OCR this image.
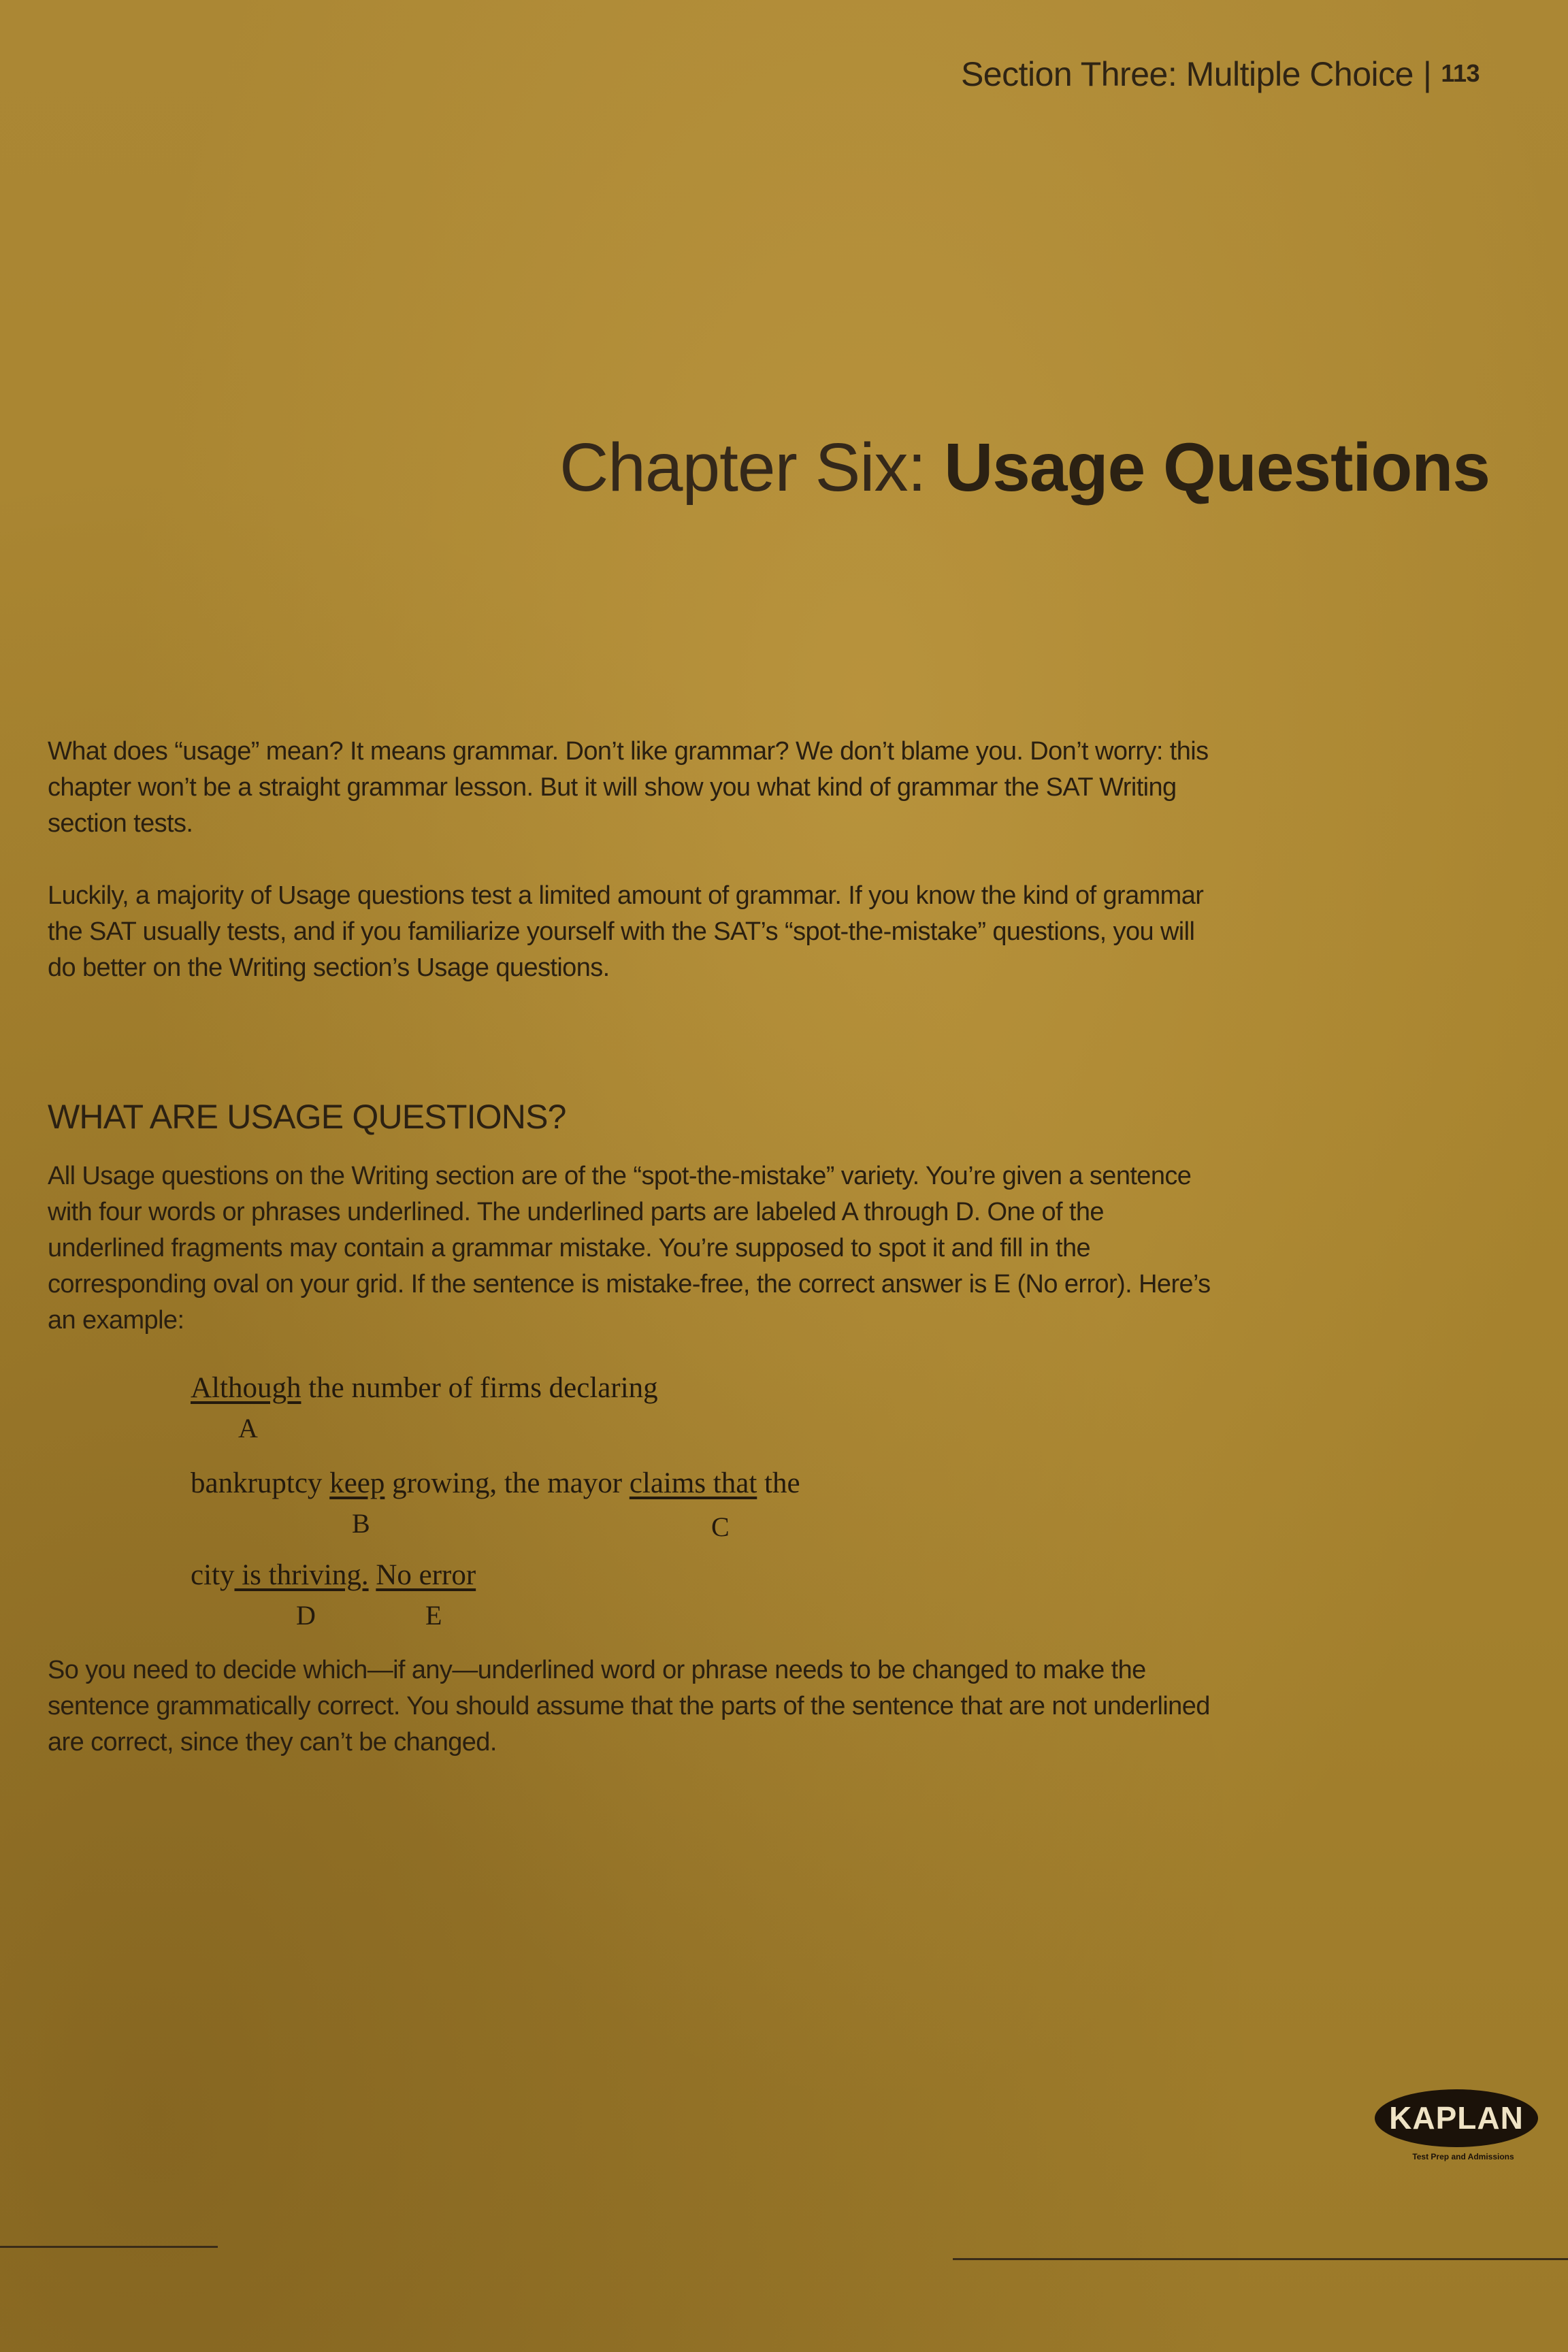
Section Three: Multiple Choice | 113
Chapter Six: Usage Questions

What does “usage” mean? It means grammar. Don’t like grammar? We don’t blame you. Don’t worry: this chapter won’t be a straight grammar lesson. But it will show you what kind of grammar the SAT Writing section tests.

Luckily, a majority of Usage questions test a limited amount of grammar. If you know the kind of grammar the SAT usually tests, and if you familiarize yourself with the SAT’s “spot-the-mistake” questions, you will do better on the Writing section’s Usage questions.

WHAT ARE USAGE QUESTIONS?

All Usage questions on the Writing section are of the “spot-the-mistake” variety. You’re given a sentence with four words or phrases underlined. The underlined parts are labeled A through D. One of the underlined fragments may contain a grammar mistake. You’re supposed to spot it and fill in the corresponding oval on your grid. If the sentence is mistake-free, the correct answer is E (No error). Here’s an example:

Although the number of firms declaring
A
bankruptcy keep growing, the mayor claims that the
B	C
city is thriving. No error
D	E

So you need to decide which—if any—underlined word or phrase needs to be changed to make the sentence grammatically correct. You should assume that the parts of the sentence that are not underlined are correct, since they can’t be changed.

KAPLAN
Test Prep and Admissions
